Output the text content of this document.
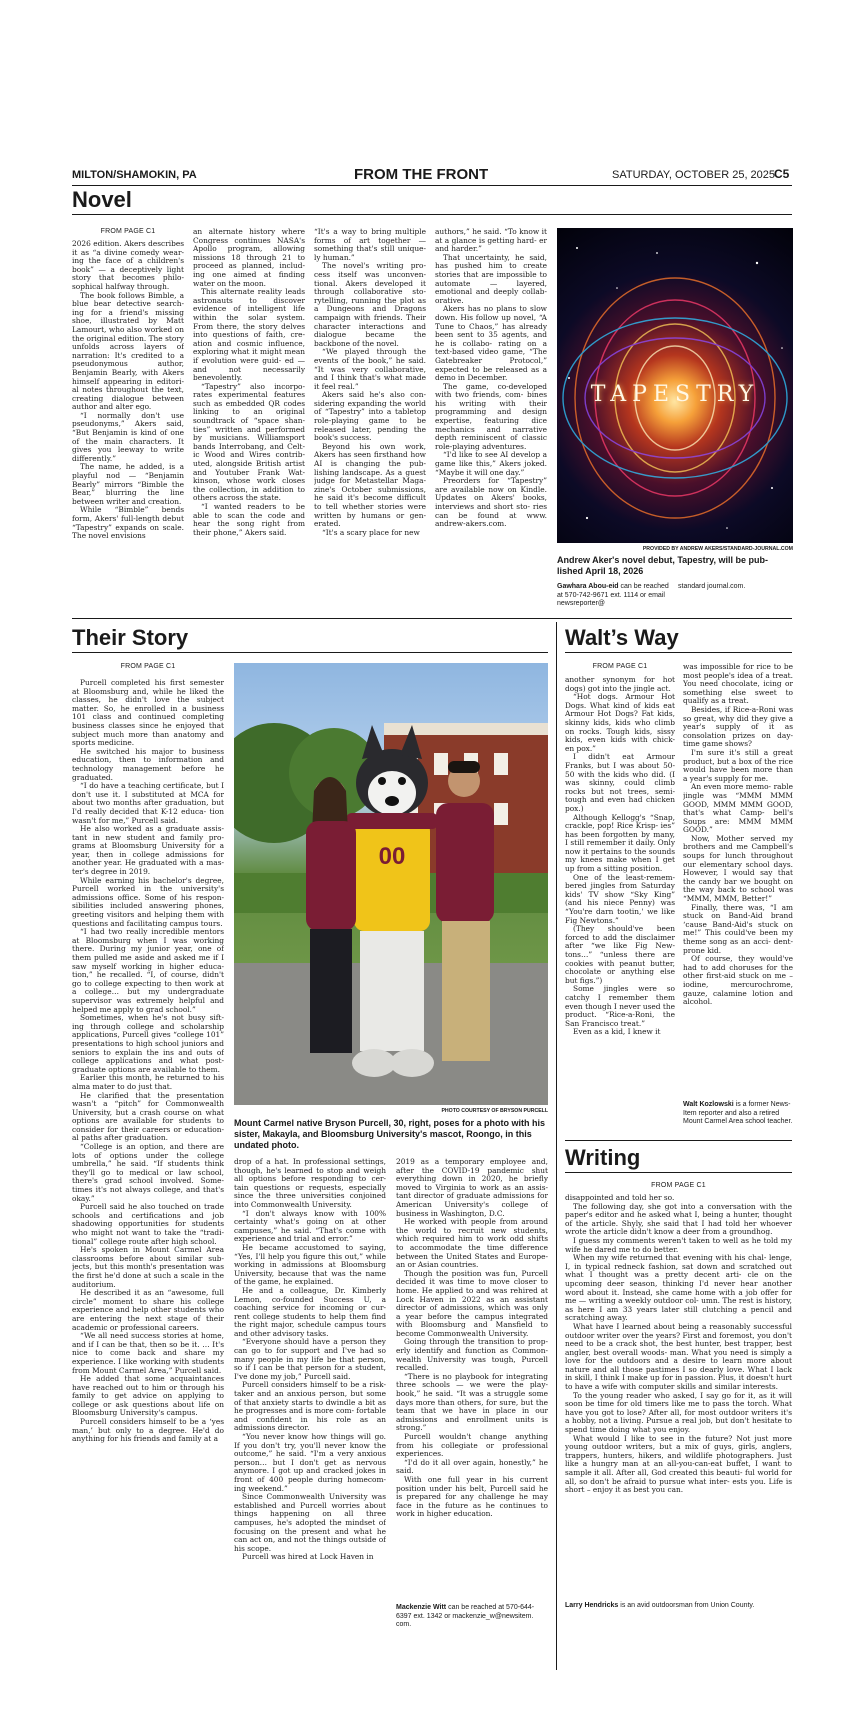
MILTON/SHAMOKIN, PA	FROM THE FRONT	SATURDAY, OCTOBER 25, 2025
C5
Novel
FROM PAGE C1

2026 edition. Akers describes it as “a divine comedy wear- ing the face of a children's book” — a deceptively light story that becomes philo- sophical halfway through.

The book follows Bimble, a blue bear detective search- ing for a friend's missing shoe, illustrated by Matt Lamourt, who also worked on the original edition. The story unfolds across layers of narration: It's credited to a pseudonymous author, Benjamin Bearly, with Akers himself appearing in editori- al notes throughout the text, creating dialogue between author and alter ego.

“I normally don't use pseudonyms,” Akers said, “But Benjamin is kind of one of the main characters. It gives you leeway to write differently.”

The name, he added, is a playful nod — “Benjamin Bearly” mirrors “Bimble the Bear,” blurring the line between writer and creation.

While “Bimble” bends form, Akers' full-length debut “Tapestry” expands on scale. The novel envisions

an alternate history where Congress continues NASA's Apollo program, allowing missions 18 through 21 to proceed as planned, includ- ing one aimed at finding water on the moon.

This alternate reality leads astronauts to discover evidence of intelligent life within the solar system. From there, the story delves into questions of faith, cre- ation and cosmic influence, exploring what it might mean if evolution were guid- ed — and not necessarily benevolently.

“Tapestry” also incorpo- rates experimental features such as embedded QR codes linking to an original soundtrack of “space shan- ties” written and performed by musicians. Williamsport bands Interrobang, and Celt- ic Wood and Wires contrib- uted, alongside British artist and Youtuber Frank Wat- kinson, whose work closes the collection, in addition to others across the state.

“I wanted readers to be able to scan the code and hear the song right from their phone,” Akers said.

“It's a way to bring multiple forms of art together — something that's still unique- ly human.”

The novel's writing pro- cess itself was unconven- tional. Akers developed it through collaborative sto- rytelling, running the plot as a Dungeons and Dragons campaign with friends. Their character interactions and dialogue became the backbone of the novel.

“We played through the events of the book,” he said. “It was very collaborative, and I think that's what made it feel real.”

Akers said he's also con- sidering expanding the world of “Tapestry” into a tabletop role-playing game to be released later, pending the book's success.

Beyond his own work, Akers has seen firsthand how AI is changing the pub- lishing landscape. As a guest judge for Metastellar Maga- zine's October submissions, he said it's become difficult to tell whether stories were written by humans or gen- erated.

“It's a scary place for new

authors,” he said. “To know it at a glance is getting hard- er and harder.”

That uncertainty, he said, has pushed him to create stories that are impossible to automate — layered, emotional and deeply collab- orative.

Akers has no plans to slow down. His follow up novel, “A Tune to Chaos,” has already been sent to 35 agents, and he is collabo- rating on a text-based video game, “The Gatebreaker Protocol,” expected to be released as a demo in December.

The game, co-developed with two friends, com- bines his writing with their programming and design expertise, featuring dice mechanics and narrative depth reminiscent of classic role-playing adventures.

“I'd like to see AI develop a game like this,” Akers joked. “Maybe it will one day.”

Preorders for “Tapestry” are available now on Kindle. Updates on Akers' books, interviews and short sto- ries can be found at www. andrew-akers.com.

TAPESTRY
PROVIDED BY ANDREW AKERS/STANDARD-JOURNAL.COM
Andrew Aker's novel debut, Tapestry, will be pub- lished April 18, 2026
Gawhara Abou-eid can be reached at 570-742-9671 ext. 1114 or email newsreporter@
standard journal.com.
Their Story
FROM PAGE C1

Purcell completed his first semester at Bloomsburg and, while he liked the classes, he didn't love the subject matter. So, he enrolled in a business 101 class and continued completing business classes since he enjoyed that subject much more than anatomy and sports medicine.

He switched his major to business education, then to information and technology management before he graduated.

“I do have a teaching certificate, but I don't use it. I substituted at MCA for about two months after graduation, but I'd really decided that K-12 educa- tion wasn't for me,” Purcell said.

He also worked as a graduate assis- tant in new student and family pro- grams at Bloomsburg University for a year, then in college admissions for another year. He graduated with a mas- ter's degree in 2019.

While earning his bachelor's degree, Purcell worked in the university's admissions office. Some of his respon- sibilities included answering phones, greeting visitors and helping them with questions and facilitating campus tours.

“I had two really incredible mentors at Bloomsburg when I was working there. During my junior year, one of them pulled me aside and asked me if I saw myself working in higher educa- tion,” he recalled. “I, of course, didn't go to college expecting to then work at a college… but my undergraduate supervisor was extremely helpful and helped me apply to grad school.”

Sometimes, when he's not busy sift- ing through college and scholarship applications, Purcell gives “college 101” presentations to high school juniors and seniors to explain the ins and outs of college applications and what post-graduate options are available to them.

Earlier this month, he returned to his alma mater to do just that.

He clarified that the presentation wasn't a “pitch” for Commonwealth University, but a crash course on what options are available for students to consider for their careers or education- al paths after graduation.

“College is an option, and there are lots of options under the college umbrella,” he said. “If students think they'll go to medical or law school, there's grad school involved. Some- times it's not always college, and that's okay.”

Purcell said he also touched on trade schools and certifications and job shadowing opportunities for students who might not want to take the “tradi- tional” college route after high school.

He's spoken in Mount Carmel Area classrooms before about similar sub- jects, but this month's presentation was the first he'd done at such a scale in the auditorium.

He described it as an “awesome, full circle” moment to share his college experience and help other students who are entering the next stage of their academic or professional careers.

“We all need success stories at home, and if I can be that, then so be it. … It's nice to come back and share my experience. I like working with students from Mount Carmel Area,” Purcell said.

He added that some acquaintances have reached out to him or through his family to get advice on applying to college or ask questions about life on Bloomsburg University's campus.

Purcell considers himself to be a ‘yes man,’ but only to a degree. He'd do anything for his friends and family at a

00
PHOTO COURTESY OF BRYSON PURCELL
Mount Carmel native Bryson Purcell, 30, right, poses for a photo with his sister, Makayla, and Bloomsburg University's mascot, Roongo, in this undated photo.

drop of a hat. In professional settings, though, he's learned to stop and weigh all options before responding to cer- tain questions or requests, especially since the three universities conjoined into Commonwealth University.

“I don't always know with 100% certainty what's going on at other campuses,” he said. “That's come with experience and trial and error.”

He became accustomed to saying, “Yes, I'll help you figure this out,” while working in admissions at Bloomsburg University, because that was the name of the game, he explained.

He and a colleague, Dr. Kimberly Lemon, co-founded Success U, a coaching service for incoming or cur- rent college students to help them find the right major, schedule campus tours and other advisory tasks.

“Everyone should have a person they can go to for support and I've had so many people in my life be that person, so if I can be that person for a student, I've done my job,” Purcell said.

Purcell considers himself to be a risk-taker and an anxious person, but some of that anxiety starts to dwindle a bit as he progresses and is more com- fortable and confident in his role as an admissions director.

“You never know how things will go. If you don't try, you'll never know the outcome,” he said. “I'm a very anxious person… but I don't get as nervous anymore. I got up and cracked jokes in front of 400 people during homecom- ing weekend.”

Since Commonwealth University was established and Purcell worries about things happening on all three campuses, he's adopted the mindset of focusing on the present and what he can act on, and not the things outside of his scope.

Purcell was hired at Lock Haven in

2019 as a temporary employee and, after the COVID-19 pandemic shut everything down in 2020, he briefly moved to Virginia to work as an assis- tant director of graduate admissions for American University's college of business in Washington, D.C.

He worked with people from around the world to recruit new students, which required him to work odd shifts to accommodate the time difference between the United States and Europe- an or Asian countries.

Though the position was fun, Purcell decided it was time to move closer to home. He applied to and was rehired at Lock Haven in 2022 as an assistant director of admissions, which was only a year before the campus integrated with Bloomsburg and Mansfield to become Commonwealth University.

Going through the transition to prop- erly identify and function as Common- wealth University was tough, Purcell recalled.

“There is no playbook for integrating three schools — we were the play- book,” he said. “It was a struggle some days more than others, for sure, but the team that we have in place in our admissions and enrollment units is strong.”

Purcell wouldn't change anything from his collegiate or professional experiences.

“I'd do it all over again, honestly,” he said.

With one full year in his current position under his belt, Purcell said he is prepared for any challenge he may face in the future as he continues to work in higher education.

Mackenzie Witt can be reached at 570-644- 6397 ext. 1342 or mackenzie_w@newsitem. com.
Walt’s Way
FROM PAGE C1

another synonym for hot dogs) got into the jingle act.

“Hot dogs. Armour Hot Dogs. What kind of kids eat Armour Hot Dogs? Fat kids, skinny kids, kids who climb on rocks. Tough kids, sissy kids, even kids with chick- en pox.”

I didn't eat Armour Franks, but I was about 50-50 with the kids who did. (I was skinny, could climb rocks but not trees, semi-tough and even had chicken pox.)

Although Kellogg's “Snap, crackle, pop! Rice Krisp- ies” has been forgotten by many, I still remember it daily. Only now it pertains to the sounds my knees make when I get up from a sitting position.

One of the least-remem- bered jingles from Saturday kids' TV show “Sky King” (and his niece Penny) was “You're darn tootin,' we like Fig Newtons.”

(They should've been forced to add the disclaimer after “we like Fig New- tons…” “unless there are cookies with peanut butter, chocolate or anything else but figs.”)

Some jingles were so catchy I remember them even though I never used the product. “Rice-a-Roni, the San Francisco treat.”

Even as a kid, I knew it

was impossible for rice to be most people's idea of a treat. You need chocolate, icing or something else sweet to qualify as a treat.

Besides, if Rice-a-Roni was so great, why did they give a year's supply of it as consolation prizes on day- time game shows?

I'm sure it's still a great product, but a box of the rice would have been more than a year's supply for me.

An even more memo- rable jingle was “MMM MMM GOOD, MMM MMM GOOD, that's what Camp- bell's Soups are: MMM MMM GOOD.”

Now, Mother served my brothers and me Campbell's soups for lunch throughout our elementary school days. However, I would say that the candy bar we bought on the way back to school was “MMM, MMM, Better!”

Finally, there was, “I am stuck on Band-Aid brand ‘cause Band-Aid's stuck on me!” This could've been my theme song as an acci- dent-prone kid.

Of course, they would've had to add choruses for the other first-aid stuck on me – iodine, mercurochrome, gauze, calamine lotion and alcohol.

Walt Kozlowski is a former News-Item reporter and also a retired Mount Carmel Area school teacher.
Writing
FROM PAGE C1

disappointed and told her so.

The following day, she got into a conversation with the paper's editor and he asked what I, being a hunter, thought of the article. Shyly, she said that I had told her whoever wrote the article didn't know a deer from a groundhog.

I guess my comments weren't taken to well as he told my wife he dared me to do better.

When my wife returned that evening with his chal- lenge, I, in typical redneck fashion, sat down and scratched out what I thought was a pretty decent arti- cle on the upcoming deer season, thinking I'd never hear another word about it. Instead, she came home with a job offer for me — writing a weekly outdoor col- umn. The rest is history, as here I am 33 years later still clutching a pencil and scratching away.

What have I learned about being a reasonably successful outdoor writer over the years? First and foremost, you don't need to be a crack shot, the best hunter, best trapper, best angler, best overall woods- man. What you need is simply a love for the outdoors and a desire to learn more about nature and all those pastimes I so dearly love. What I lack in skill, I think I make up for in passion. Plus, it doesn't hurt to have a wife with computer skills and similar interests.

To the young reader who asked, I say go for it, as it will soon be time for old timers like me to pass the torch. What have you got to lose? After all, for most outdoor writers it's a hobby, not a living. Pursue a real job, but don't hesitate to spend time doing what you enjoy.

What would I like to see in the future? Not just more young outdoor writers, but a mix of guys, girls, anglers, trappers, hunters, hikers, and wildlife photographers. Just like a hungry man at an all-you-can-eat buffet, I want to sample it all. After all, God created this beauti- ful world for all, so don't be afraid to pursue what inter- ests you. Life is short – enjoy it as best you can.

Larry Hendricks is an avid outdoorsman from Union County.
